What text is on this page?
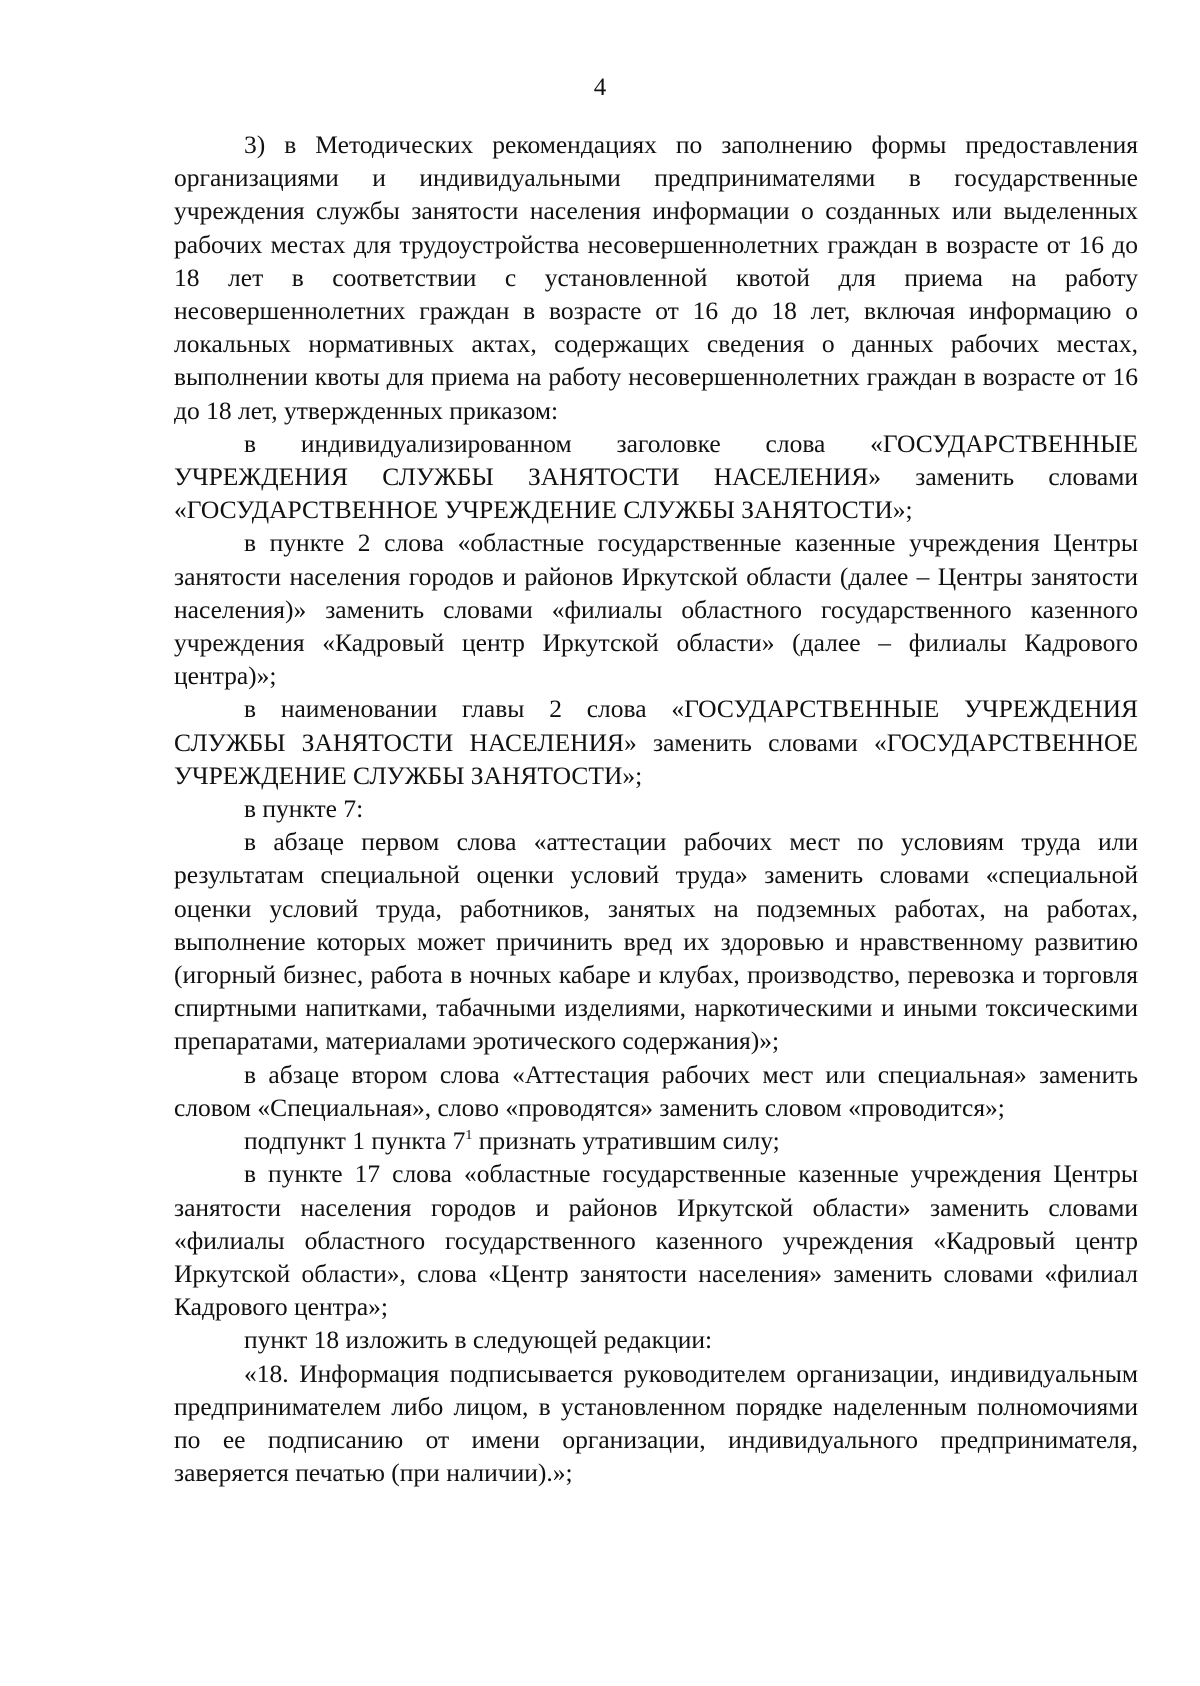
4

3) в Методических рекомендациях по заполнению формы предоставления организациями и индивидуальными предпринимателями в государственные учреждения службы занятости населения информации о созданных или выделенных рабочих местах для трудоустройства несовершеннолетних граждан в возрасте от 16 до 18 лет в соответствии с установленной квотой для приема на работу несовершеннолетних граждан в возрасте от 16 до 18 лет, включая информацию о локальных нормативных актах, содержащих сведения о данных рабочих местах, выполнении квоты для приема на работу несовершеннолетних граждан в возрасте от 16 до 18 лет, утвержденных приказом:

в индивидуализированном заголовке слова «ГОСУДАРСТВЕННЫЕ УЧРЕЖДЕНИЯ СЛУЖБЫ ЗАНЯТОСТИ НАСЕЛЕНИЯ» заменить словами «ГОСУДАРСТВЕННОЕ УЧРЕЖДЕНИЕ СЛУЖБЫ ЗАНЯТОСТИ»;

в пункте 2 слова «областные государственные казенные учреждения Центры занятости населения городов и районов Иркутской области (далее – Центры занятости населения)» заменить словами «филиалы областного государственного казенного учреждения «Кадровый центр Иркутской области» (далее – филиалы Кадрового центра)»;

в наименовании главы 2 слова «ГОСУДАРСТВЕННЫЕ УЧРЕЖДЕНИЯ СЛУЖБЫ ЗАНЯТОСТИ НАСЕЛЕНИЯ» заменить словами «ГОСУДАРСТВЕННОЕ УЧРЕЖДЕНИЕ СЛУЖБЫ ЗАНЯТОСТИ»;

в пункте 7:

в абзаце первом слова «аттестации рабочих мест по условиям труда или результатам специальной оценки условий труда» заменить словами «специальной оценки условий труда, работников, занятых на подземных работах, на работах, выполнение которых может причинить вред их здоровью и нравственному развитию (игорный бизнес, работа в ночных кабаре и клубах, производство, перевозка и торговля спиртными напитками, табачными изделиями, наркотическими и иными токсическими препаратами, материалами эротического содержания)»;

в абзаце втором слова «Аттестация рабочих мест или специальная» заменить словом «Специальная», слово «проводятся» заменить словом «проводится»;

подпункт 1 пункта $7^1$ признать утратившим силу;

в пункте 17 слова «областные государственные казенные учреждения Центры занятости населения городов и районов Иркутской области» заменить словами «филиалы областного государственного казенного учреждения «Кадровый центр Иркутской области», слова «Центр занятости населения» заменить словами «филиал Кадрового центра»;

пункт 18 изложить в следующей редакции:

«18. Информация подписывается руководителем организации, индивидуальным предпринимателем либо лицом, в установленном порядке наделенным полномочиями по ее подписанию от имени организации, индивидуального предпринимателя, заверяется печатью (при наличии).»;
